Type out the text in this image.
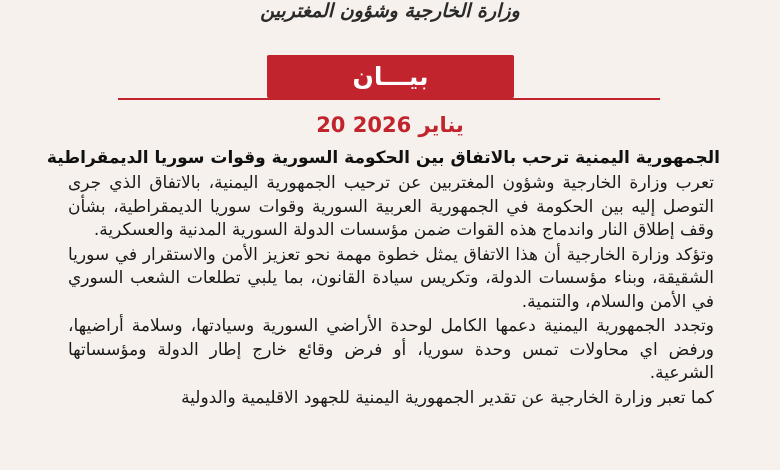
وزارة الخارجية وشؤون المغتربين
بيـــان
20 يناير 2026
الجمهورية اليمنية ترحب بالاتفاق بين الحكومة السورية وقوات سوريا الديمقراطية

تعرب وزارة الخارجية وشؤون المغتربين عن ترحيب الجمهورية اليمنية، بالاتفاق الذي جرى التوصل إليه بين الحكومة في الجمهورية العربية السورية وقوات سوريا الديمقراطية، بشأن وقف إطلاق النار واندماج هذه القوات ضمن مؤسسات الدولة السورية المدنية والعسكرية.

وتؤكد وزارة الخارجية أن هذا الاتفاق يمثل خطوة مهمة نحو تعزيز الأمن والاستقرار في سوريا الشقيقة، وبناء مؤسسات الدولة، وتكريس سيادة القانون، بما يلبي تطلعات الشعب السوري في الأمن والسلام، والتنمية.

وتجدد الجمهورية اليمنية دعمها الكامل لوحدة الأراضي السورية وسيادتها، وسلامة أراضيها، ورفض اي محاولات تمس وحدة سوريا، أو فرض وقائع خارج إطار الدولة ومؤسساتها الشرعية.

كما تعبر وزارة الخارجية عن تقدير الجمهورية اليمنية للجهود الاقليمية والدولية
